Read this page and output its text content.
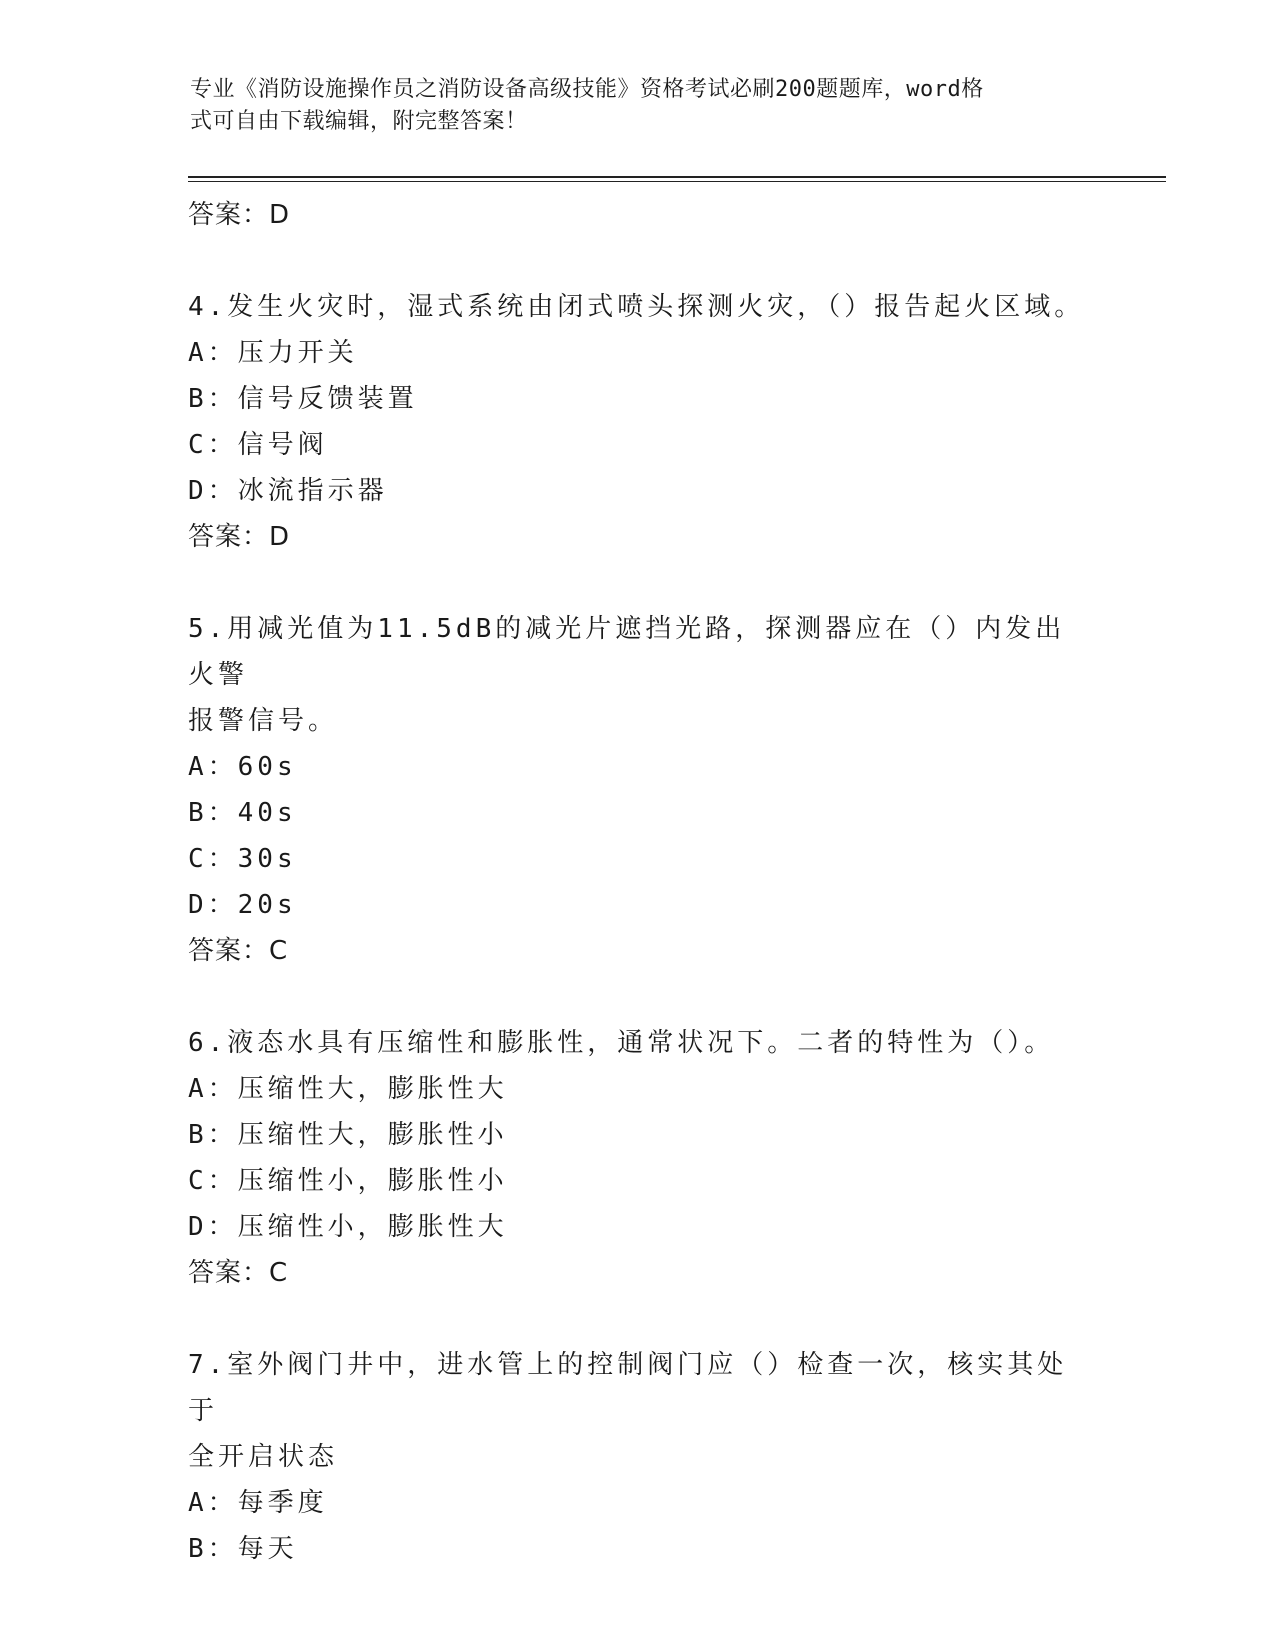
专业《消防设施操作员之消防设备高级技能》资格考试必刷200题题库，word格
式可自由下载编辑，附完整答案！
答案：D
4.发生火灾时，湿式系统由闭式喷头探测火灾，（）报告起火区域。
A：压力开关
B：信号反馈装置
C：信号阀
D：冰流指示器
答案：D
5.用减光值为11.5dB的减光片遮挡光路，探测器应在（）内发出火警
报警信号。
A：60s
B：40s
C：30s
D：20s
答案：C
6.液态水具有压缩性和膨胀性，通常状况下。二者的特性为（）。
A：压缩性大，膨胀性大
B：压缩性大，膨胀性小
C：压缩性小，膨胀性小
D：压缩性小，膨胀性大
答案：C
7.室外阀门井中，进水管上的控制阀门应（）检查一次，核实其处于
全开启状态
A：每季度
B：每天
